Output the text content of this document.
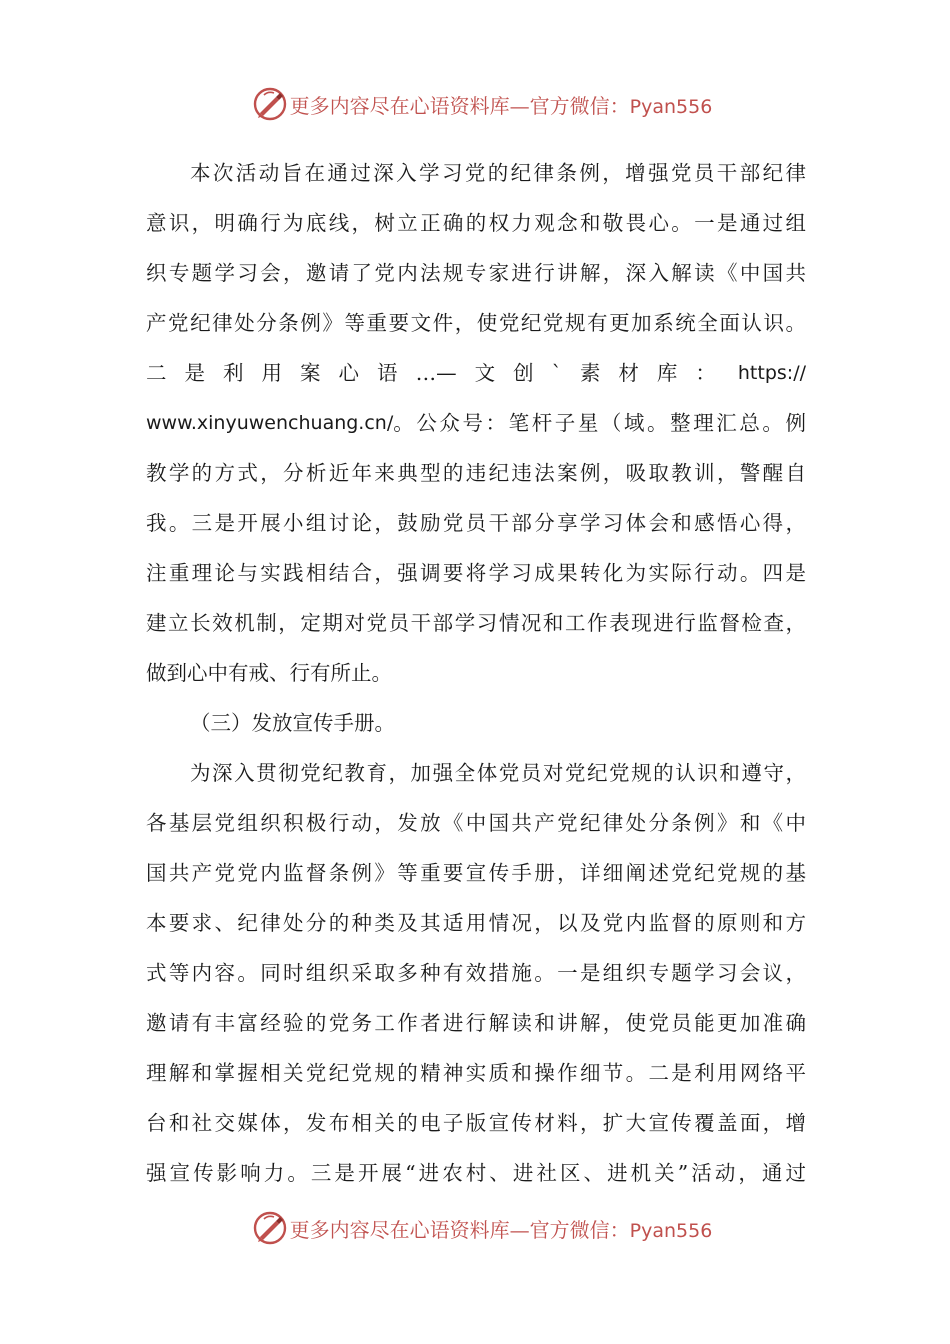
更多内容尽在心语资料库—官方微信：Pyan556
本次活动旨在通过深入学习党的纪律条例，增强党员干部纪律
意识，明确行为底线，树立正确的权力观念和敬畏心。一是通过组
织专题学习会，邀请了党内法规专家进行讲解，深入解读《中国共
产党纪律处分条例》等重要文件，使党纪党规有更加系统全面认识。
二是利用案心语…—文创`素材库： https://
www.xinyuwenchuang.cn/ 。公众号：笔杆子星（域。整理汇总。例
教学的方式，分析近年来典型的违纪违法案例，吸取教训，警醒自
我。三是开展小组讨论，鼓励党员干部分享学习体会和感悟心得，
注重理论与实践相结合，强调要将学习成果转化为实际行动。四是
建立长效机制，定期对党员干部学习情况和工作表现进行监督检查，
做到心中有戒、行有所止。
（三）发放宣传手册。
为深入贯彻党纪教育，加强全体党员对党纪党规的认识和遵守，
各基层党组织积极行动，发放《中国共产党纪律处分条例》和《中
国共产党党内监督条例》等重要宣传手册，详细阐述党纪党规的基
本要求、纪律处分的种类及其适用情况，以及党内监督的原则和方
式等内容。同时组织采取多种有效措施。一是组织专题学习会议，
邀请有丰富经验的党务工作者进行解读和讲解，使党员能更加准确
理解和掌握相关党纪党规的精神实质和操作细节。二是利用网络平
台和社交媒体，发布相关的电子版宣传材料，扩大宣传覆盖面，增
强宣传影响力。三是开展“进农村、进社区、进机关”活动，通过
更多内容尽在心语资料库—官方微信：Pyan556
